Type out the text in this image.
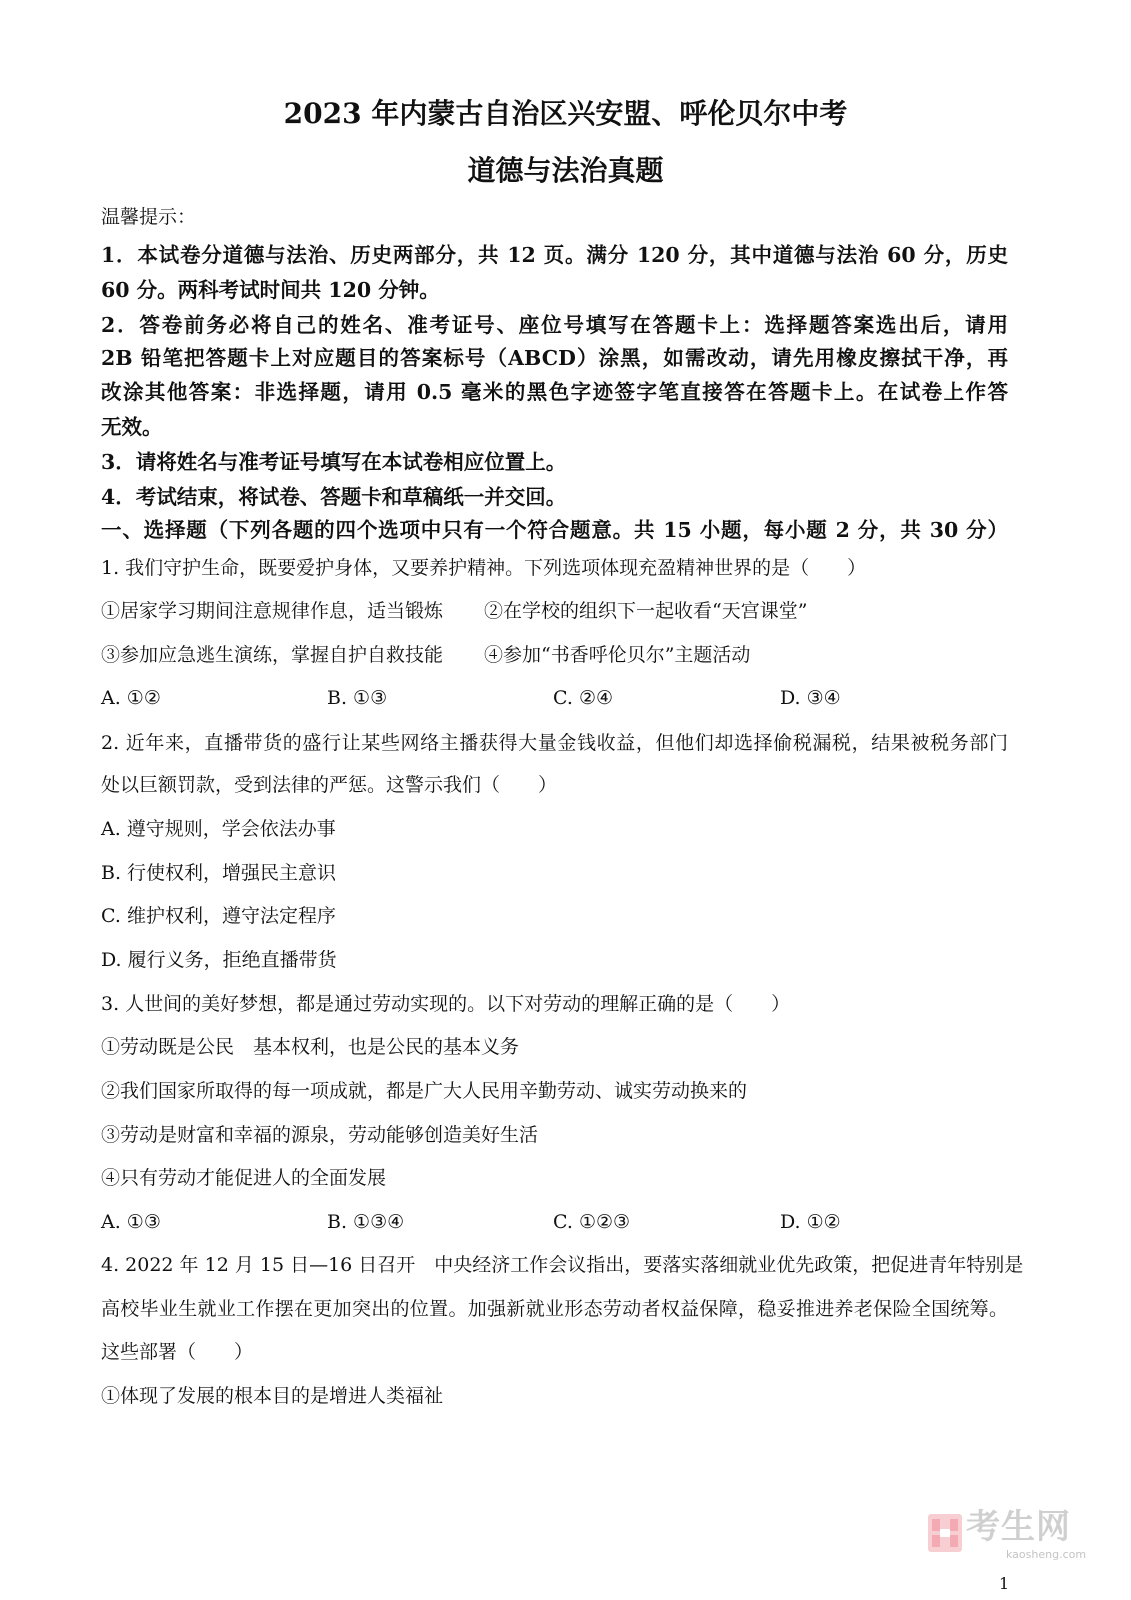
2023 年内蒙古自治区兴安盟、呼伦贝尔中考
道德与法治真题
温馨提示：
1．本试卷分道德与法治、历史两部分，共 12 页。满分 120 分，其中道德与法治 60 分，历史
60 分。两科考试时间共 120 分钟。
2．答卷前务必将自己的姓名、准考证号、座位号填写在答题卡上：选择题答案选出后，请用
2B 铅笔把答题卡上对应题目的答案标号（ABCD）涂黑，如需改动，请先用橡皮擦拭干净，再
改涂其他答案：非选择题，请用 0.5 毫米的黑色字迹签字笔直接答在答题卡上。在试卷上作答
无效。
3．请将姓名与准考证号填写在本试卷相应位置上。
4．考试结束，将试卷、答题卡和草稿纸一并交回。
一、选择题（下列各题的四个选项中只有一个符合题意。共 15 小题，每小题 2 分，共 30 分）
1. 我们守护生命，既要爱护身体，又要养护精神。下列选项体现充盈精神世界的是（　　）
①居家学习期间注意规律作息，适当锻炼 ②在学校的组织下一起收看“天宫课堂”
③参加应急逃生演练，掌握自护自救技能 ④参加“书香呼伦贝尔”主题活动
A. ①②	B. ①③	C. ②④	D. ③④
2. 近年来，直播带货的盛行让某些网络主播获得大量金钱收益，但他们却选择偷税漏税，结果被税务部门
处以巨额罚款，受到法律的严惩。这警示我们（　　）
A. 遵守规则，学会依法办事
B. 行使权利，增强民主意识
C. 维护权利，遵守法定程序
D. 履行义务，拒绝直播带货
3. 人世间的美好梦想，都是通过劳动实现的。以下对劳动的理解正确的是（　　）
①劳动既是公民　基本权利，也是公民的基本义务
②我们国家所取得的每一项成就，都是广大人民用辛勤劳动、诚实劳动换来的
③劳动是财富和幸福的源泉，劳动能够创造美好生活
④只有劳动才能促进人的全面发展
A. ①③	B. ①③④	C. ①②③	D. ①②
4. 2022 年 12 月 15 日—16 日召开　中央经济工作会议指出，要落实落细就业优先政策，把促进青年特别是
高校毕业生就业工作摆在更加突出的位置。加强新就业形态劳动者权益保障，稳妥推进养老保险全国统筹。
这些部署（　　）
①体现了发展的根本目的是增进人类福祉
考生网
kaosheng.com
1
